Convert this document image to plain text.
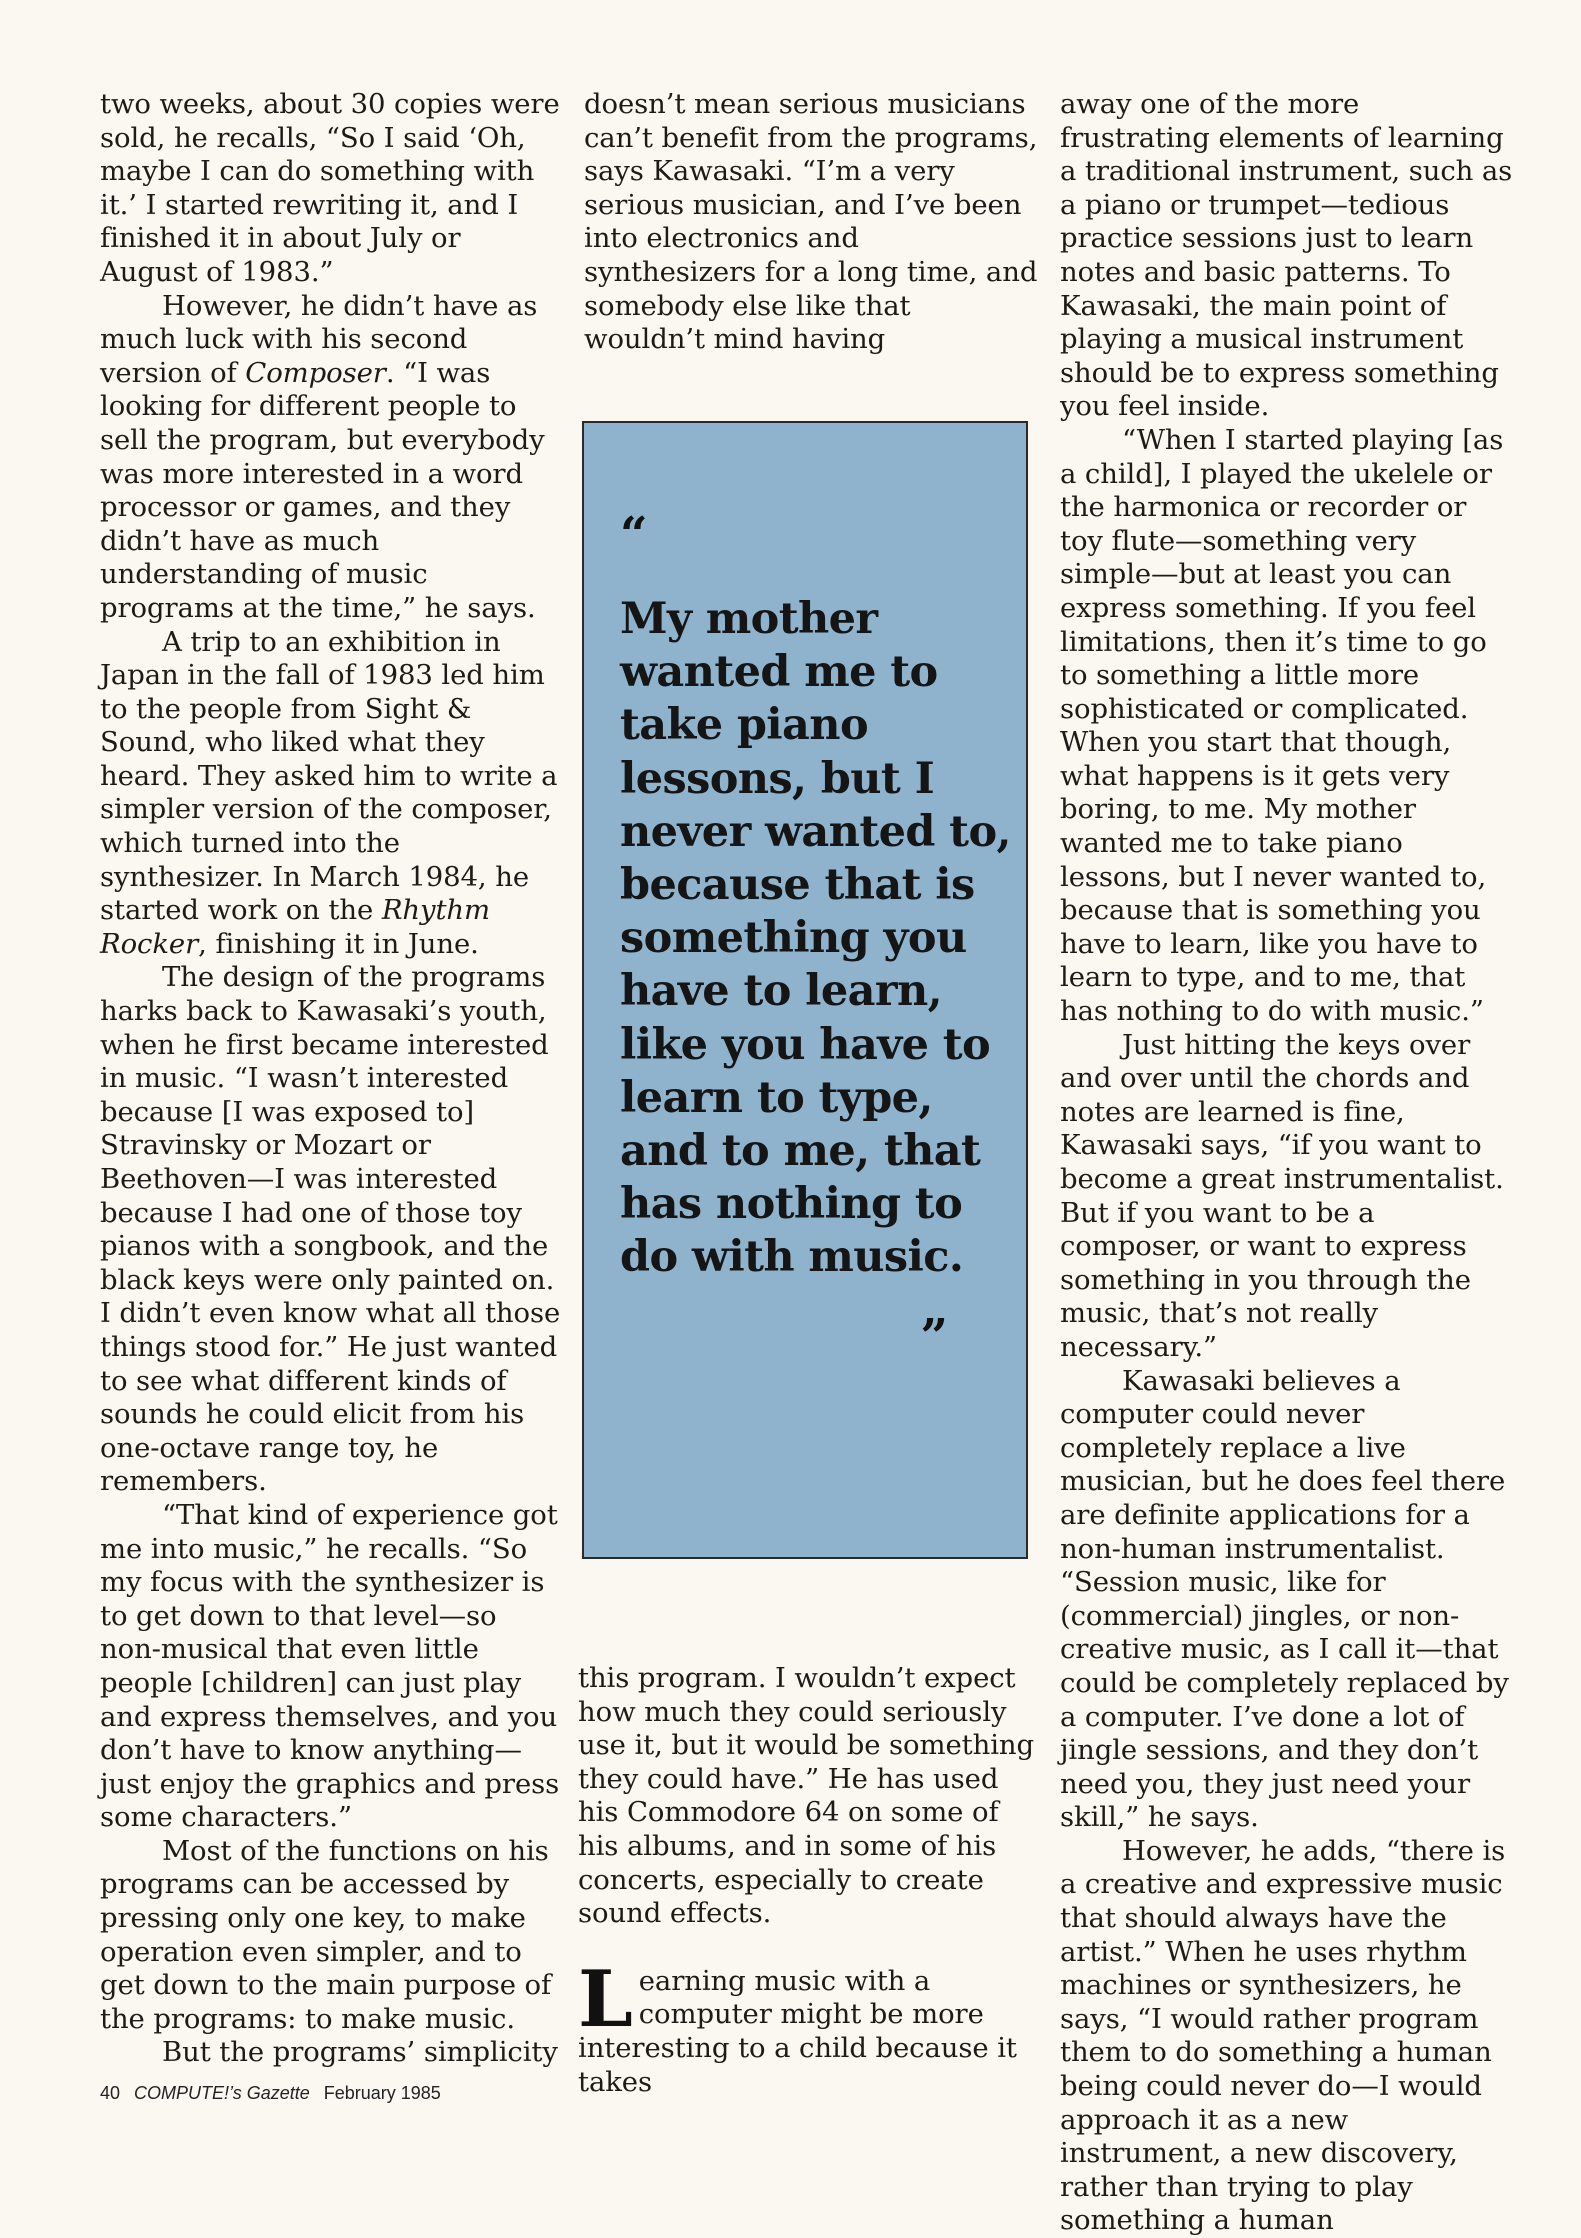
two weeks, about 30 copies were sold, he recalls, “So I said ‘Oh, maybe I can do something with it.’ I started rewriting it, and I finished it in about July or August of 1983.”

However, he didn’t have as much luck with his second version of Composer. “I was looking for different people to sell the program, but everybody was more interested in a word processor or games, and they didn’t have as much understanding of music programs at the time,” he says.

A trip to an exhibition in Japan in the fall of 1983 led him to the people from Sight & Sound, who liked what they heard. They asked him to write a simpler version of the composer, which turned into the synthesizer. In March 1984, he started work on the Rhythm Rocker, finishing it in June.

The design of the programs harks back to Kawasaki’s youth, when he first became interested in music. “I wasn’t interested because [I was exposed to] Stravinsky or Mozart or Beethoven—I was interested because I had one of those toy pianos with a songbook, and the black keys were only painted on. I didn’t even know what all those things stood for.” He just wanted to see what different kinds of sounds he could elicit from his one-octave range toy, he remembers.

“That kind of experience got me into music,” he recalls. “So my focus with the synthesizer is to get down to that level—so non-musical that even little people [children] can just play and express themselves, and you don’t have to know anything—just enjoy the graphics and press some characters.”

Most of the functions on his programs can be accessed by pressing only one key, to make operation even simpler, and to get down to the main purpose of the programs: to make music.

But the programs’ simplicity

doesn’t mean serious musicians can’t benefit from the programs, says Kawasaki. “I’m a very serious musician, and I’ve been into electronics and synthesizers for a long time, and somebody else like that wouldn’t mind having

“
My mother wanted me to take piano lessons, but I never wanted to, because that is something you have to learn, like you have to learn to type, and to me, that has nothing to do with music.
”

this program. I wouldn’t expect how much they could seriously use it, but it would be something they could have.” He has used his Commodore 64 on some of his albums, and in some of his concerts, especially to create sound effects.

Learning music with a computer might be more interesting to a child because it takes

away one of the more frustrating elements of learning a traditional instrument, such as a piano or trumpet—tedious practice sessions just to learn notes and basic patterns. To Kawasaki, the main point of playing a musical instrument should be to express something you feel inside.

“When I started playing [as a child], I played the ukelele or the harmonica or recorder or toy flute—something very simple—but at least you can express something. If you feel limitations, then it’s time to go to something a little more sophisticated or complicated. When you start that though, what happens is it gets very boring, to me. My mother wanted me to take piano lessons, but I never wanted to, because that is something you have to learn, like you have to learn to type, and to me, that has nothing to do with music.”

Just hitting the keys over and over until the chords and notes are learned is fine, Kawasaki says, “if you want to become a great instrumentalist. But if you want to be a composer, or want to express something in you through the music, that’s not really necessary.”

Kawasaki believes a computer could never completely replace a live musician, but he does feel there are definite applications for a non-human instrumentalist. “Session music, like for (commercial) jingles, or non-creative music, as I call it—that could be completely replaced by a computer. I’ve done a lot of jingle sessions, and they don’t need you, they just need your skill,” he says.

However, he adds, “there is a creative and expressive music that should always have the artist.” When he uses rhythm machines or synthesizers, he says, “I would rather program them to do something a human being could never do—I would approach it as a new instrument, a new discovery, rather than trying to play something a human

40 COMPUTE!’s Gazette February 1985
